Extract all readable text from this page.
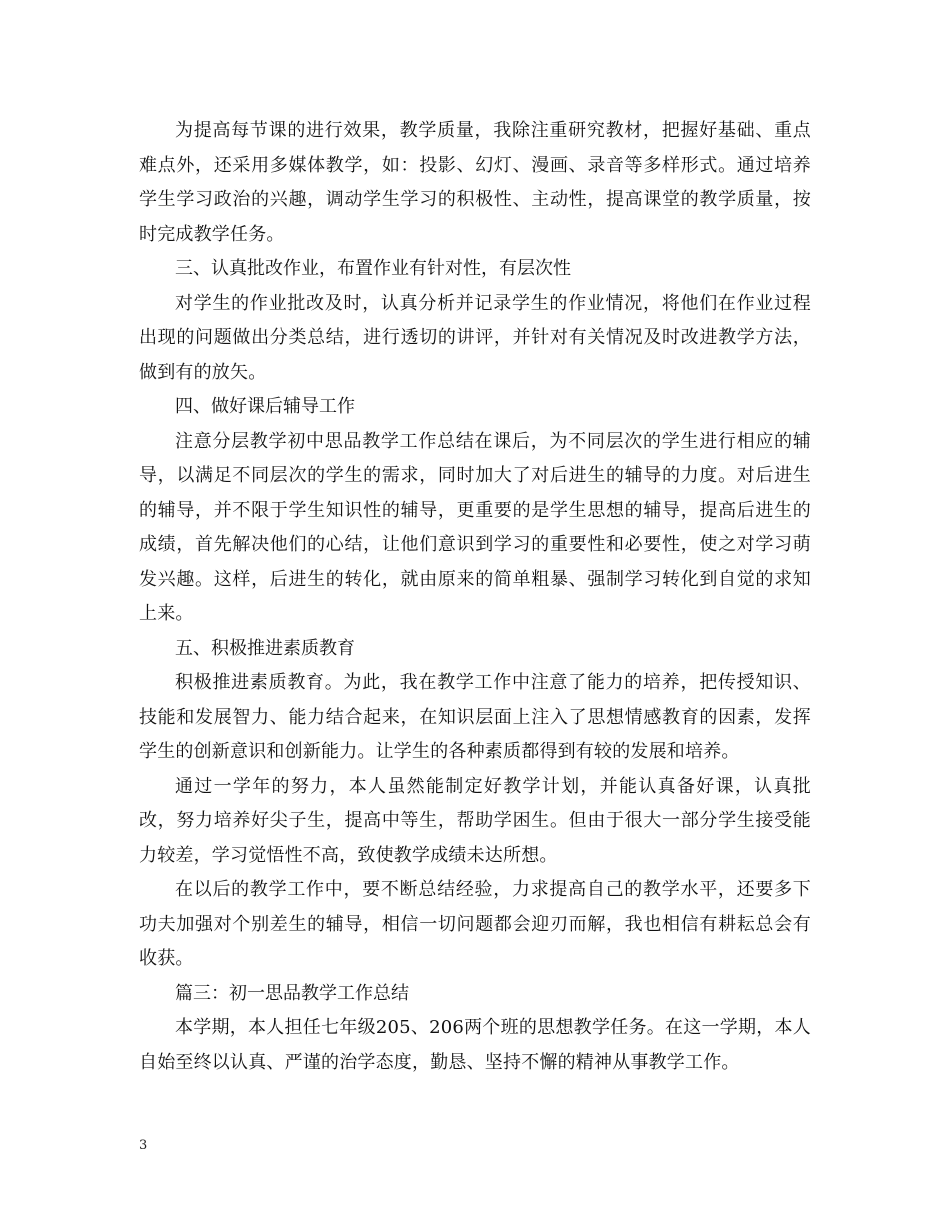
为提高每节课的进行效果，教学质量，我除注重研究教材，把握好基础、重点难点外，还采用多媒体教学，如：投影、幻灯、漫画、录音等多样形式。通过培养学生学习政治的兴趣，调动学生学习的积极性、主动性，提高课堂的教学质量，按时完成教学任务。

三、认真批改作业，布置作业有针对性，有层次性

对学生的作业批改及时，认真分析并记录学生的作业情况，将他们在作业过程出现的问题做出分类总结，进行透切的讲评，并针对有关情况及时改进教学方法，做到有的放矢。

四、做好课后辅导工作

注意分层教学初中思品教学工作总结在课后，为不同层次的学生进行相应的辅导，以满足不同层次的学生的需求，同时加大了对后进生的辅导的力度。对后进生的辅导，并不限于学生知识性的辅导，更重要的是学生思想的辅导，提高后进生的成绩，首先解决他们的心结，让他们意识到学习的重要性和必要性，使之对学习萌发兴趣。这样，后进生的转化，就由原来的简单粗暴、强制学习转化到自觉的求知上来。

五、积极推进素质教育

积极推进素质教育。为此，我在教学工作中注意了能力的培养，把传授知识、技能和发展智力、能力结合起来，在知识层面上注入了思想情感教育的因素，发挥学生的创新意识和创新能力。让学生的各种素质都得到有较的发展和培养。

通过一学年的努力，本人虽然能制定好教学计划，并能认真备好课，认真批改，努力培养好尖子生，提高中等生，帮助学困生。但由于很大一部分学生接受能力较差，学习觉悟性不高，致使教学成绩未达所想。

在以后的教学工作中，要不断总结经验，力求提高自己的教学水平，还要多下功夫加强对个别差生的辅导，相信一切问题都会迎刃而解，我也相信有耕耘总会有收获。

篇三：初一思品教学工作总结

本学期，本人担任七年级205、206两个班的思想教学任务。在这一学期，本人自始至终以认真、严谨的治学态度，勤恳、坚持不懈的精神从事教学工作。

3
